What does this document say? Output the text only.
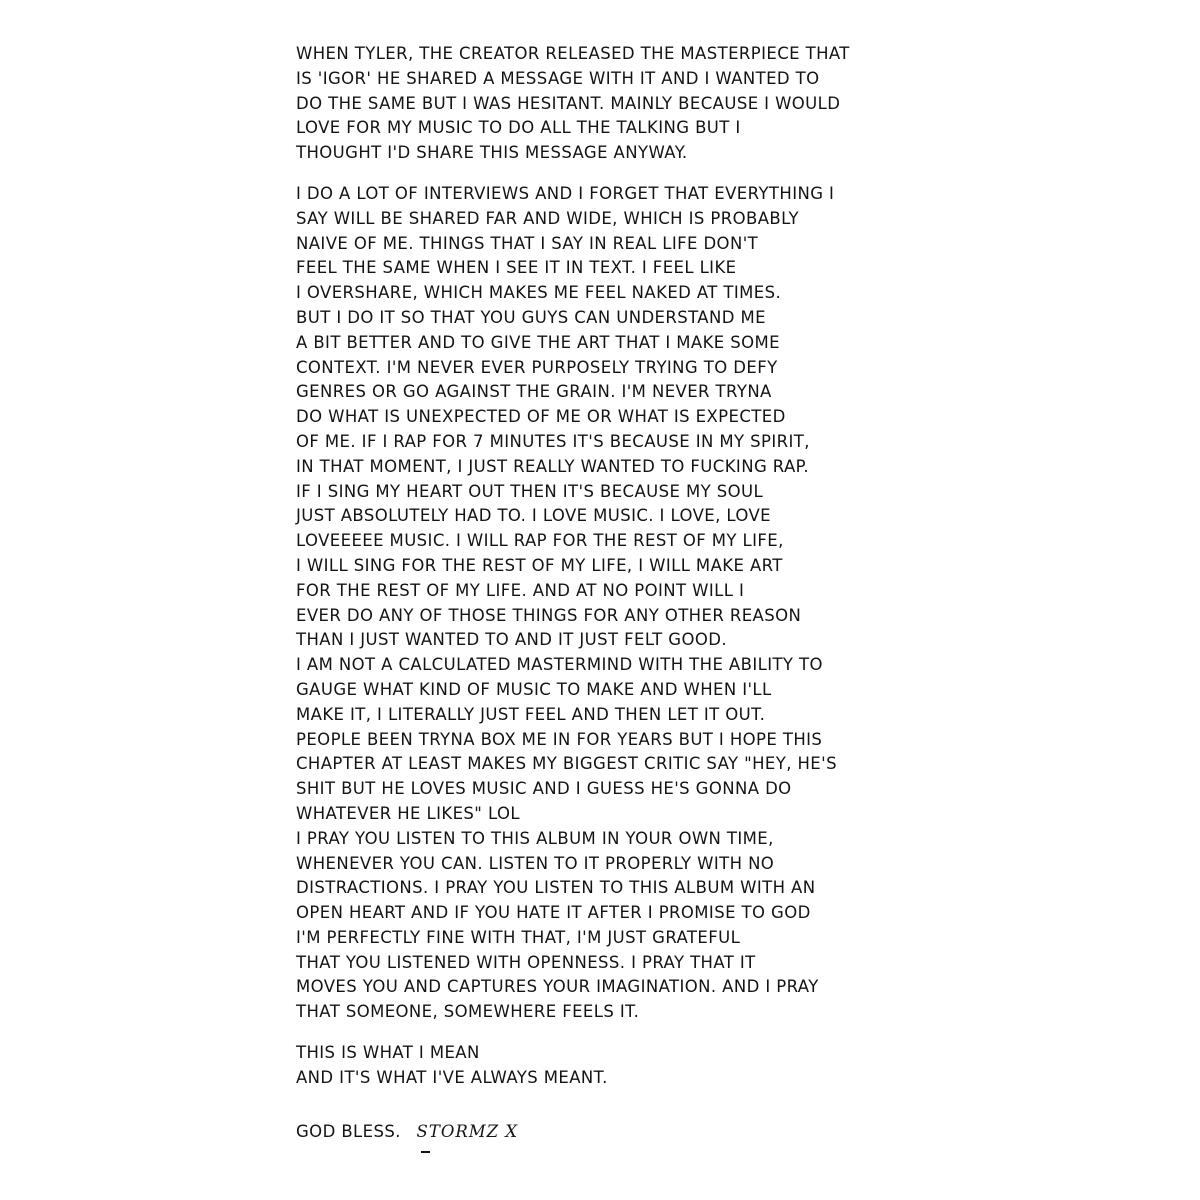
WHEN TYLER, THE CREATOR RELEASED THE MASTERPIECE THAT
IS 'IGOR' HE SHARED A MESSAGE WITH IT AND I WANTED TO
DO THE SAME BUT I WAS HESITANT. MAINLY BECAUSE I WOULD
LOVE FOR MY MUSIC TO DO ALL THE TALKING BUT I
THOUGHT I'D SHARE THIS MESSAGE ANYWAY.
I DO A LOT OF INTERVIEWS AND I FORGET THAT EVERYTHING I
SAY WILL BE SHARED FAR AND WIDE, WHICH IS PROBABLY
NAIVE OF ME. THINGS THAT I SAY IN REAL LIFE DON'T
FEEL THE SAME WHEN I SEE IT IN TEXT. I FEEL LIKE
I OVERSHARE, WHICH MAKES ME FEEL NAKED AT TIMES.
BUT I DO IT SO THAT YOU GUYS CAN UNDERSTAND ME
A BIT BETTER AND TO GIVE THE ART THAT I MAKE SOME
CONTEXT. I'M NEVER EVER PURPOSELY TRYING TO DEFY
GENRES OR GO AGAINST THE GRAIN. I'M NEVER TRYNA
DO WHAT IS UNEXPECTED OF ME OR WHAT IS EXPECTED
OF ME. IF I RAP FOR 7 MINUTES IT'S BECAUSE IN MY SPIRIT,
IN THAT MOMENT, I JUST REALLY WANTED TO FUCKING RAP.
IF I SING MY HEART OUT THEN IT'S BECAUSE MY SOUL
JUST ABSOLUTELY HAD TO. I LOVE MUSIC. I LOVE, LOVE
LOVEEEEE MUSIC. I WILL RAP FOR THE REST OF MY LIFE,
I WILL SING FOR THE REST OF MY LIFE, I WILL MAKE ART
FOR THE REST OF MY LIFE. AND AT NO POINT WILL I
EVER DO ANY OF THOSE THINGS FOR ANY OTHER REASON
THAN I JUST WANTED TO AND IT JUST FELT GOOD.
I AM NOT A CALCULATED MASTERMIND WITH THE ABILITY TO
GAUGE WHAT KIND OF MUSIC TO MAKE AND WHEN I'LL
MAKE IT, I LITERALLY JUST FEEL AND THEN LET IT OUT.
PEOPLE BEEN TRYNA BOX ME IN FOR YEARS BUT I HOPE THIS
CHAPTER AT LEAST MAKES MY BIGGEST CRITIC SAY "HEY, HE'S
SHIT BUT HE LOVES MUSIC AND I GUESS HE'S GONNA DO
WHATEVER HE LIKES" LOL
I PRAY YOU LISTEN TO THIS ALBUM IN YOUR OWN TIME,
WHENEVER YOU CAN. LISTEN TO IT PROPERLY WITH NO
DISTRACTIONS. I PRAY YOU LISTEN TO THIS ALBUM WITH AN
OPEN HEART AND IF YOU HATE IT AFTER I PROMISE TO GOD
I'M PERFECTLY FINE WITH THAT, I'M JUST GRATEFUL
THAT YOU LISTENED WITH OPENNESS. I PRAY THAT IT
MOVES YOU AND CAPTURES YOUR IMAGINATION. AND I PRAY
THAT SOMEONE, SOMEWHERE FEELS IT.
THIS IS WHAT I MEAN
AND IT'S WHAT I'VE ALWAYS MEANT.
GOD BLESS. STORMZ X
